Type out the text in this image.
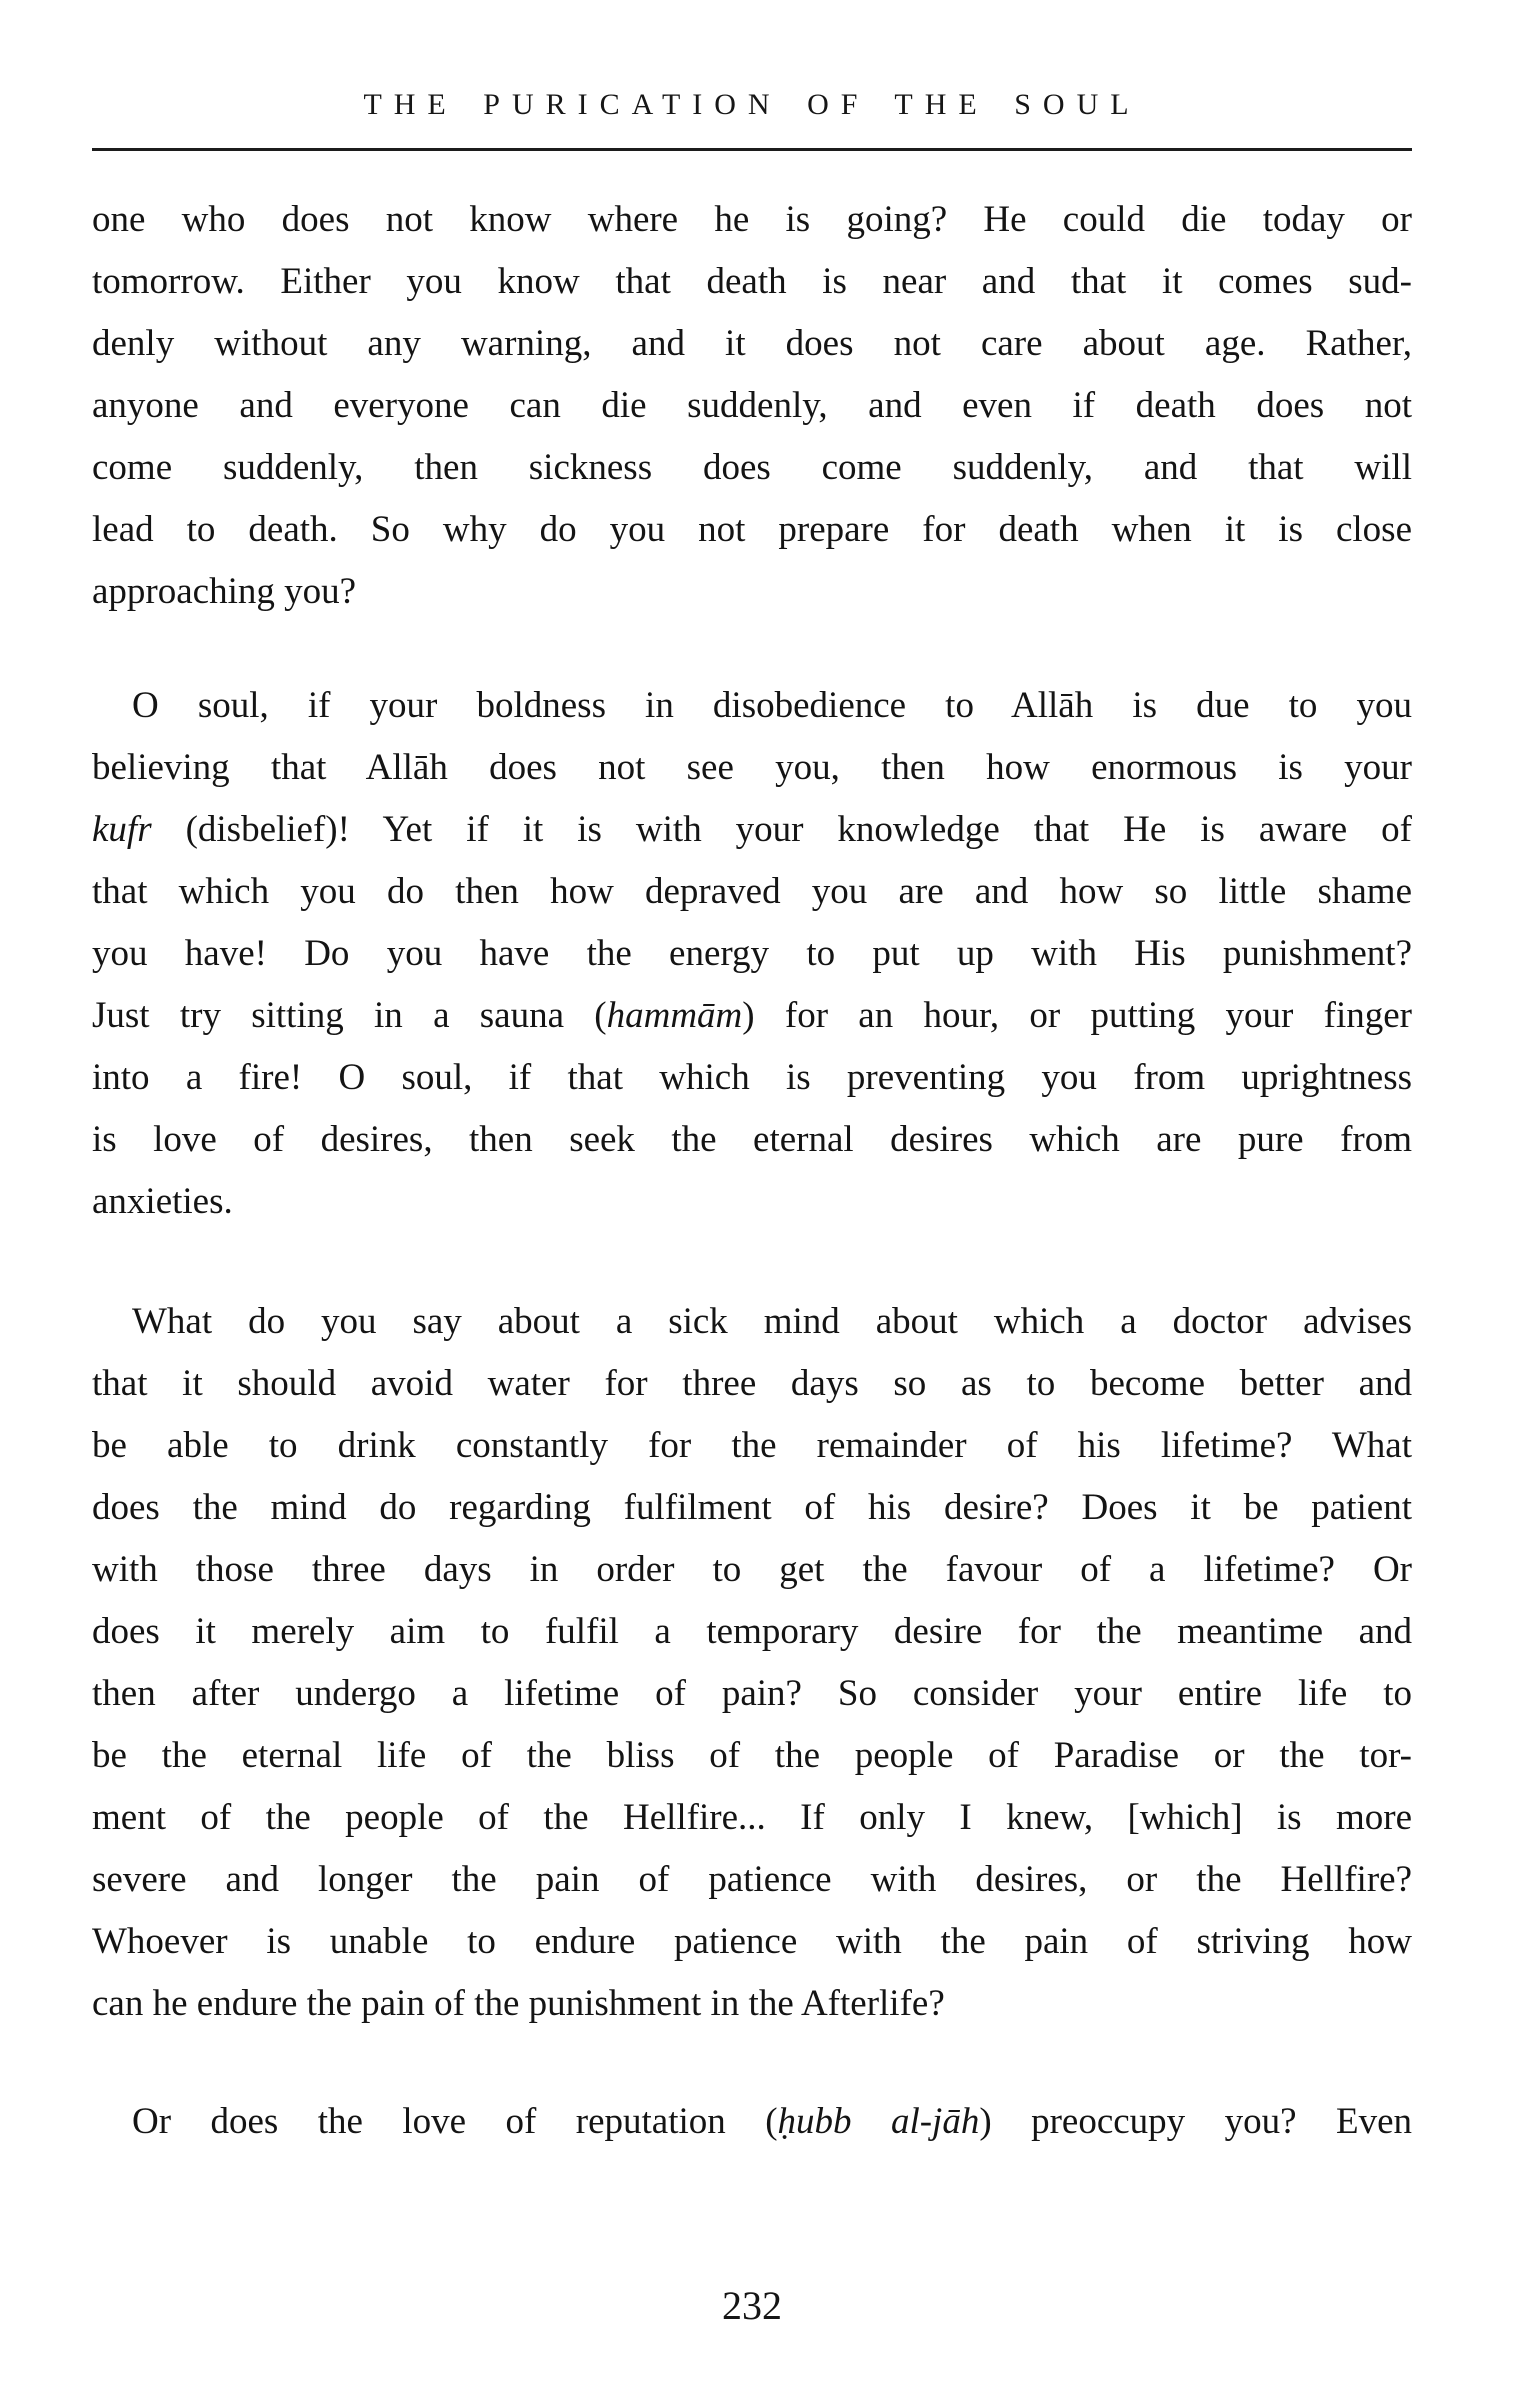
THE PURICATION OF THE SOUL
one who does not know where he is going? He could die today or
tomorrow. Either you know that death is near and that it comes sud-
denly without any warning, and it does not care about age. Rather,
anyone and everyone can die suddenly, and even if death does not
come suddenly, then sickness does come suddenly, and that will
lead to death. So why do you not prepare for death when it is close
approaching you?
O soul, if your boldness in disobedience to Allāh is due to you
believing that Allāh does not see you, then how enormous is your
kufr (disbelief)! Yet if it is with your knowledge that He is aware of
that which you do then how depraved you are and how so little shame
you have! Do you have the energy to put up with His punishment?
Just try sitting in a sauna (hammām) for an hour, or putting your finger
into a fire! O soul, if that which is preventing you from uprightness
is love of desires, then seek the eternal desires which are pure from
anxieties.
What do you say about a sick mind about which a doctor advises
that it should avoid water for three days so as to become better and
be able to drink constantly for the remainder of his lifetime? What
does the mind do regarding fulfilment of his desire? Does it be patient
with those three days in order to get the favour of a lifetime? Or
does it merely aim to fulfil a temporary desire for the meantime and
then after undergo a lifetime of pain? So consider your entire life to
be the eternal life of the bliss of the people of Paradise or the tor-
ment of the people of the Hellfire... If only I knew, [which] is more
severe and longer the pain of patience with desires, or the Hellfire?
Whoever is unable to endure patience with the pain of striving how
can he endure the pain of the punishment in the Afterlife?
Or does the love of reputation (ḥubb al-jāh) preoccupy you? Even
232
